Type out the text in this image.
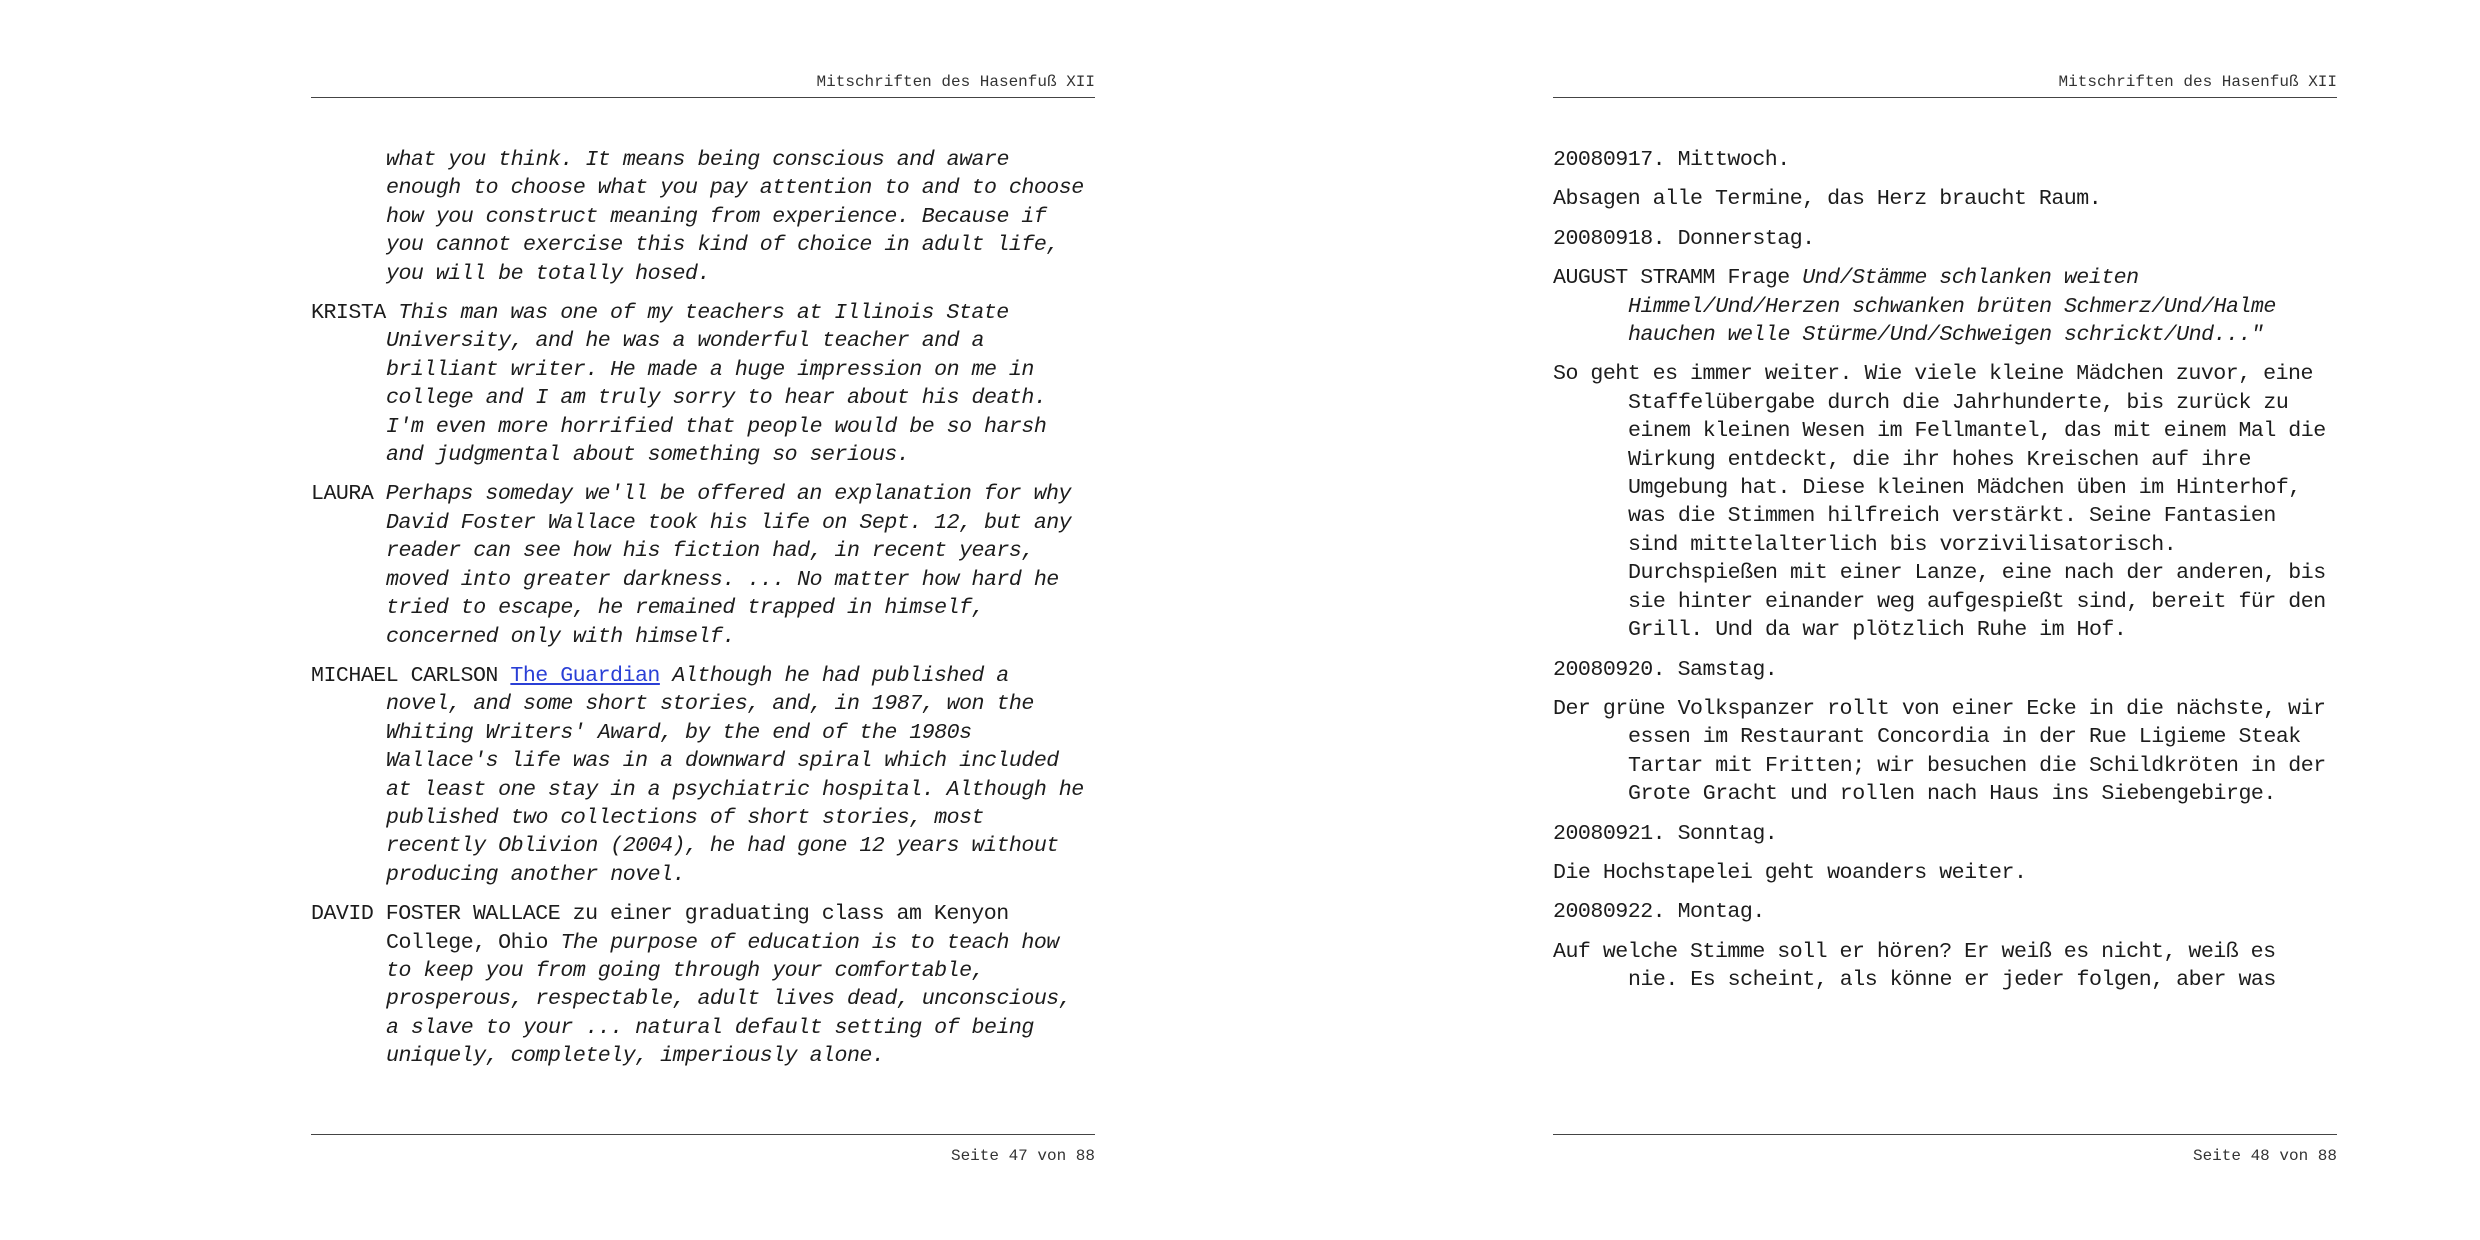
Mitschriften des Hasenfuß XII

what you think. It means being conscious and aware enough to choose what you pay attention to and to choose how you construct meaning from experience. Because if you cannot exercise this kind of choice in adult life, you will be totally hosed.

KRISTA This man was one of my teachers at Illinois State University, and he was a wonderful teacher and a brilliant writer. He made a huge impression on me in college and I am truly sorry to hear about his death. I'm even more horrified that people would be so harsh and judgmental about something so serious.

LAURA Perhaps someday we'll be offered an explanation for why David Foster Wallace took his life on Sept. 12, but any reader can see how his fiction had, in recent years, moved into greater darkness. ... No matter how hard he tried to escape, he remained trapped in himself, concerned only with himself.

MICHAEL CARLSON The Guardian Although he had published a novel, and some short stories, and, in 1987, won the Whiting Writers' Award, by the end of the 1980s Wallace's life was in a downward spiral which included at least one stay in a psychiatric hospital. Although he published two collections of short stories, most recently Oblivion (2004), he had gone 12 years without producing another novel.

DAVID FOSTER WALLACE zu einer graduating class am Kenyon College, Ohio The purpose of education is to teach how to keep you from going through your comfortable, prosperous, respectable, adult lives dead, unconscious, a slave to your ... natural default setting of being uniquely, completely, imperiously alone.

Seite 47 von 88
Mitschriften des Hasenfuß XII

20080917. Mittwoch.

Absagen alle Termine, das Herz braucht Raum.

20080918. Donnerstag.

AUGUST STRAMM Frage Und/Stämme schlanken weiten Himmel/Und/Herzen schwanken brüten Schmerz/Und/Halme hauchen welle Stürme/Und/Schweigen schrickt/Und..."

So geht es immer weiter. Wie viele kleine Mädchen zuvor, eine Staffelübergabe durch die Jahrhunderte, bis zurück zu einem kleinen Wesen im Fellmantel, das mit einem Mal die Wirkung entdeckt, die ihr hohes Kreischen auf ihre Umgebung hat. Diese kleinen Mädchen üben im Hinterhof, was die Stimmen hilfreich verstärkt. Seine Fantasien sind mittelalterlich bis vorzivilisatorisch. Durchspießen mit einer Lanze, eine nach der anderen, bis sie hinter einander weg aufgespießt sind, bereit für den Grill. Und da war plötzlich Ruhe im Hof.

20080920. Samstag.

Der grüne Volkspanzer rollt von einer Ecke in die nächste, wir essen im Restaurant Concordia in der Rue Ligieme Steak Tartar mit Fritten; wir besuchen die Schildkröten in der Grote Gracht und rollen nach Haus ins Siebengebirge.

20080921. Sonntag.

Die Hochstapelei geht woanders weiter.

20080922. Montag.

Auf welche Stimme soll er hören? Er weiß es nicht, weiß es nie. Es scheint, als könne er jeder folgen, aber was

Seite 48 von 88
